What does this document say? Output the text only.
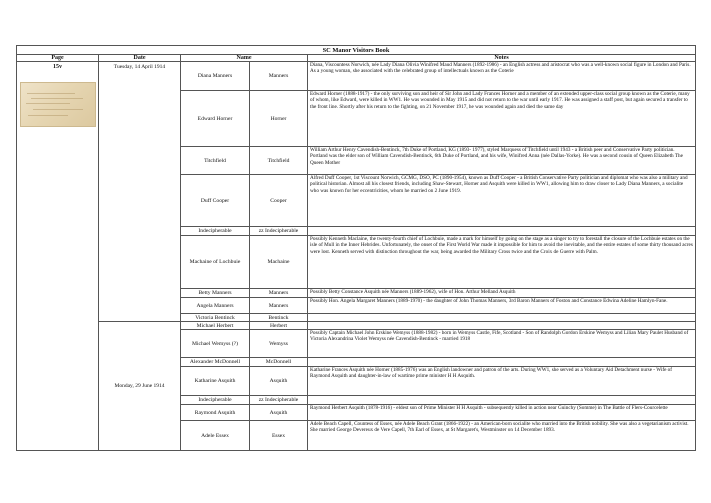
SC Manor Visitors Book				
Page	Date	Name		Notes

15v	Tuesday, 14 April 1914	Diana Manners	Manners	Diana, Viscountess Norwich, née Lady Diana Olivia Winifred Maud Manners (1892-1986) - an English actress and aristocrat who was a well-known social figure in London and Paris. As a young woman, she associated with the celebrated group of intellectuals known as the Coterie
		Edward Horner	Horner	Edward Horner (1888-1917) - the only surviving son and heir of Sir John and Lady Frances Horner and a member of an extended upper-class social group known as the Coterie, many of whom, like Edward, were killed in WW1. He was wounded in May 1915 and did not return to the war until early 1917. He was assigned a staff post, but again secured a transfer to the front line. Shortly after his return to the fighting, on 21 November 1917, he was wounded again and died the same day
		Titchfield	Titchfield	William Arthur Henry Cavendish-Bentinck, 7th Duke of Portland, KG (1893- 1977), styled Marquess of Titchfield until 1943 - a British peer and Conservative Party politician. Portland was the elder son of William Cavendish-Bentinck, 6th Duke of Portland, and his wife, Winifred Anna (née Dallas-Yorke). He was a second cousin of Queen Elizabeth The Queen Mother
		Duff Cooper	Cooper	Alfred Duff Cooper, 1st Viscount Norwich, GCMG, DSO, PC (1890-1954), known as Duff Cooper - a British Conservative Party politician and diplomat who was also a military and political historian. Almost all his closest friends, including Shaw-Stewart, Horner and Asquith were killed in WW1, allowing him to draw closer to Lady Diana Manners, a socialite who was known for her eccentricities, whom he married on 2 June 1919.
		Indecipherable	zz Indecipherable	
		Machaine of Lochbuie	Machaine	Possibly Kenneth Maclaine, the twenty-fourth chief of Lochbuie, made a mark for himself by going on the stage as a singer to try to forestall the closure of the Lochbuie estates on the isle of Mull in the Inner Hebrides. Unfortunately, the onset of the First World War made it impossible for him to avoid the inevitable, and the entire estates of some thirty thousand acres were lost. Kenneth served with distinction throughout the war, being awarded the Military Cross twice and the Croix de Guerre with Palm.
		Betty Manners	Manners	Possibly Betty Constance Asquith née Manners (1889-1962), wife of Hon. Arthur Melland Asquith
		Angela Manners	Manners	Possibly Hon. Angela Margaret Manners (1889-1970) - the daughter of John Thomas Manners, 3rd Baron Manners of Foston and Constance Edwina Adeline Hamlyn-Fane.
		Victoria Bentinck	Bentinck	
	Monday, 29 June 1914	Michael Herbert	Herbert	
		Michael Wemyss (?)	Wemyss	Possibly Captain Michael John Erskine Wemyss (1888-1982) - born in Wemyss Castle, Fife, Scotland - Son of Randolph Gordon Erskine Wemyss and Lilian Mary Paulet Husband of Victoria Alexandrina Violet Wemyss née Cavendish-Bentinck - married 1918
		Alexander McDonnell	McDonnell	
		Katharine Asquith	Asquith	Katharine Frances Asquith née Horner (1885-1976) was an English landowner and patron of the arts. During WW1, she served as a Voluntary Aid Detachment nurse - Wife of Raymond Asquith and daughter-in-law of wartime prime minister H H Asquith.
		Indecipherable	zz Indecipherable	
		Raymond Asquith	Asquith	Raymond Herbert Asquith (1878-1916) - eldest son of Prime Minister H H Asquith - subsequently killed in action near Guinchy (Somme) in The Battle of Flers-Courcelette
		Adele Essex	Essex	Adele Beach Capell, Countess of Essex, née Adele Beach Grant (1866-1922) - an American-born socialite who married into the British nobility. She was also a vegetarianism activist. She married George Devereux de Vere Capell, 7th Earl of Essex, at St Margaret's, Westminster on 14 December 1893.
